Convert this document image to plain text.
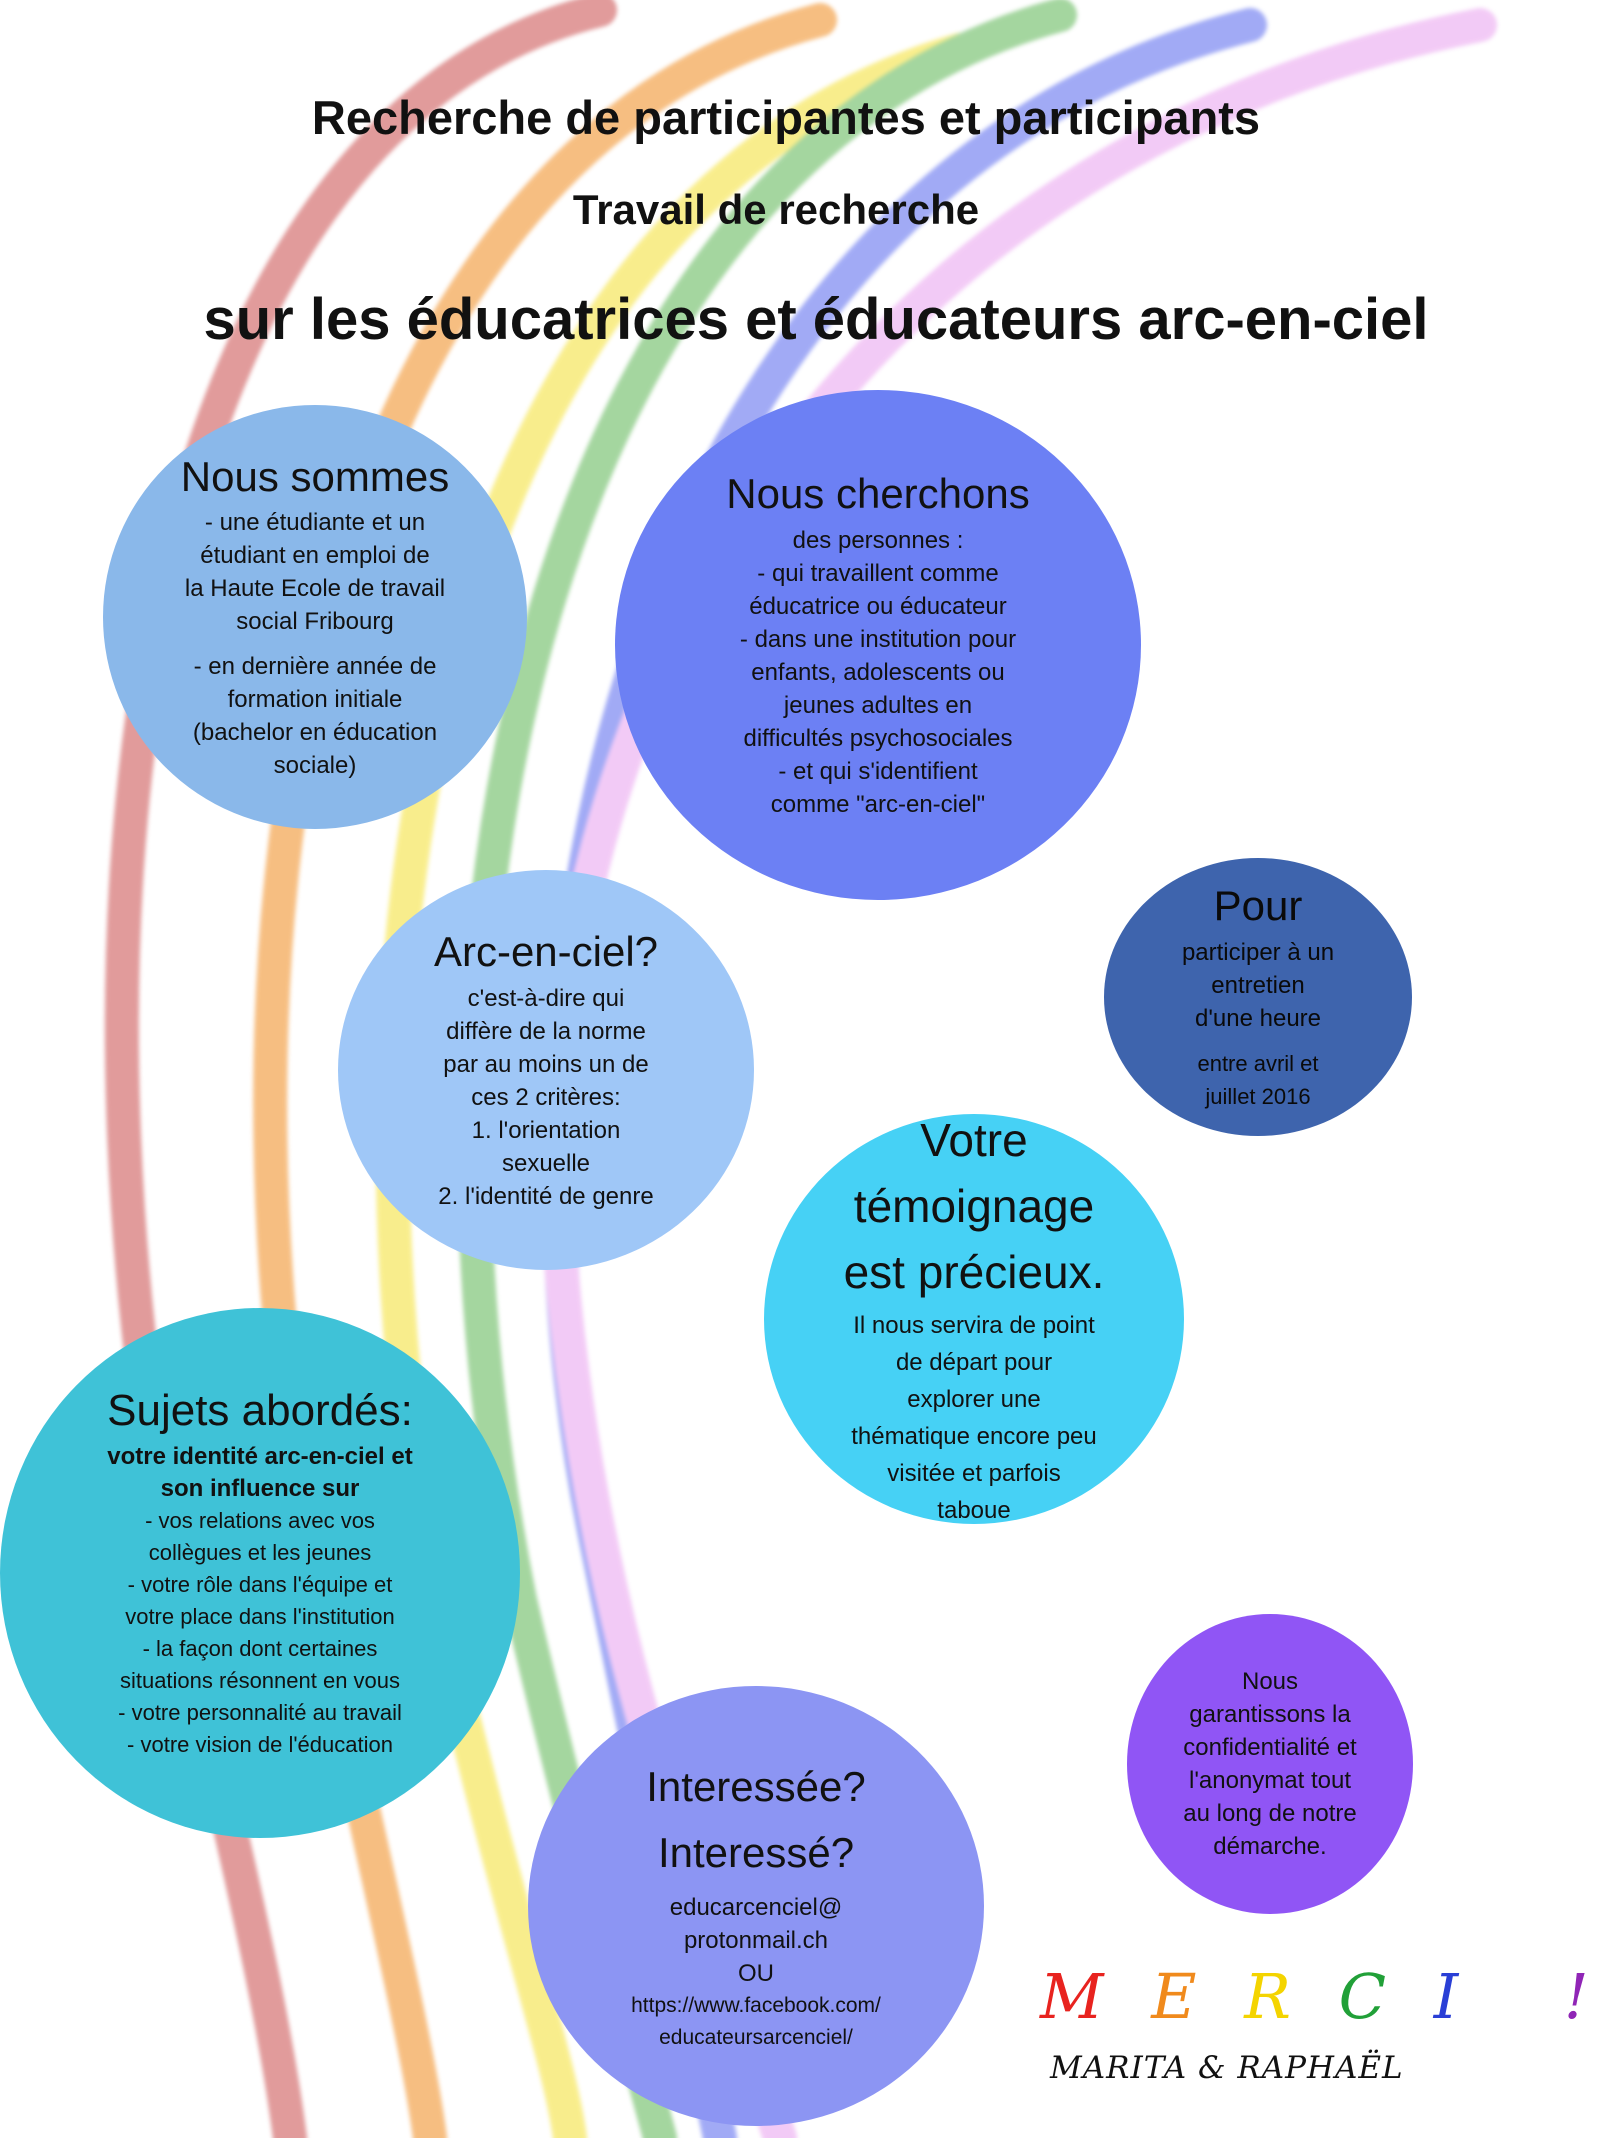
Recherche de participantes et participants
Travail de recherche
sur les éducatrices et éducateurs arc-en-ciel
Nous sommes

- une étudiante et un

étudiant en emploi de

la Haute Ecole de travail

social Fribourg

- en dernière année de

formation initiale

(bachelor en éducation

sociale)

Nous cherchons

des personnes :

- qui travaillent comme

éducatrice ou éducateur

- dans une institution pour

enfants, adolescents ou

jeunes adultes en

difficultés psychosociales

- et qui s'identifient

comme "arc-en-ciel"

Arc-en-ciel?

c'est-à-dire qui

diffère de la norme

par au moins un de

ces 2 critères:

1. l'orientation

sexuelle

2. l'identité de genre

Pour

participer à un

entretien

d'une heure

entre avril et

juillet 2016

Votre
témoignage
est précieux.

Il nous servira de point

de départ pour

explorer une

thématique encore peu

visitée et parfois

taboue

Sujets abordés:

votre identité arc-en-ciel et

son influence sur

- vos relations avec vos

collègues et les jeunes

- votre rôle dans l'équipe et

votre place dans l'institution

- la façon dont certaines

situations résonnent en vous

- votre personnalité au travail

- votre vision de l'éducation

Interessée?
Interessé?

educarcenciel@

protonmail.ch

OU

https://www.facebook.com/

educateursarcenciel/

Nous

garantissons la

confidentialité et

l'anonymat tout

au long de notre

démarche.

M E R C I !
MARITA & RAPHAËL
